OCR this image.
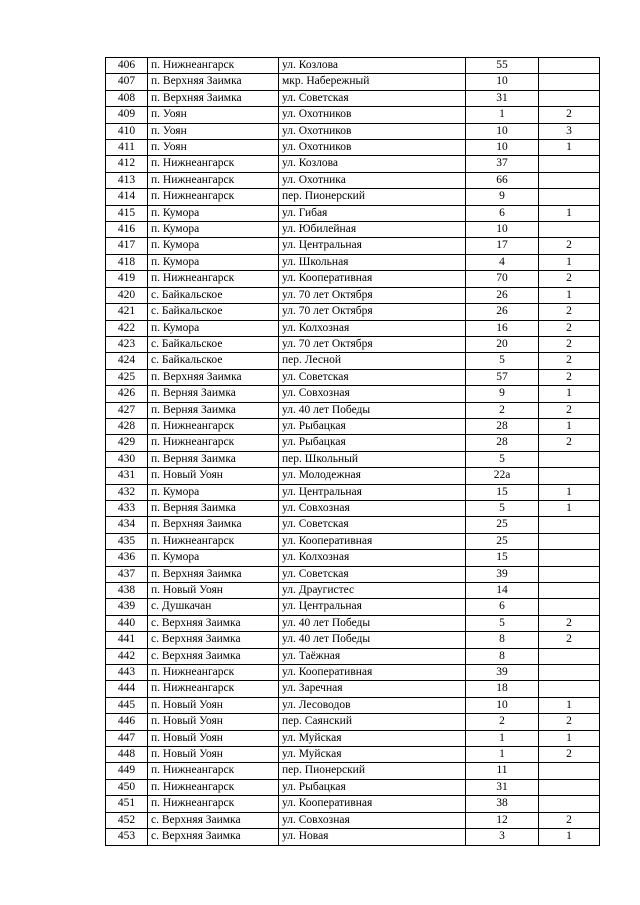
406	п. Нижнеангарск	ул. Козлова	55	
407	п. Верхняя Заимка	мкр. Набережный	10	
408	п. Верхняя Заимка	ул. Советская	31	
409	п. Уоян	ул. Охотников	1	2
410	п. Уоян	ул. Охотников	10	3
411	п. Уоян	ул. Охотников	10	1
412	п. Нижнеангарск	ул. Козлова	37	
413	п. Нижнеангарск	ул. Охотника	66	
414	п. Нижнеангарск	пер. Пионерский	9	
415	п. Кумора	ул. Гибая	6	1
416	п. Кумора	ул. Юбилейная	10	
417	п. Кумора	ул. Центральная	17	2
418	п. Кумора	ул. Школьная	4	1
419	п. Нижнеангарск	ул. Кооперативная	70	2
420	с. Байкальское	ул. 70 лет Октября	26	1
421	с. Байкальское	ул. 70 лет Октября	26	2
422	п. Кумора	ул. Колхозная	16	2
423	с. Байкальское	ул. 70 лет Октября	20	2
424	с. Байкальское	пер. Лесной	5	2
425	п. Верхняя Заимка	ул. Советская	57	2
426	п. Верняя Заимка	ул. Совхозная	9	1
427	п. Верняя Заимка	ул. 40 лет Победы	2	2
428	п. Нижнеангарск	ул. Рыбацкая	28	1
429	п. Нижнеангарск	ул. Рыбацкая	28	2
430	п. Верняя Заимка	пер. Школьный	5	
431	п. Новый Уоян	ул. Молодежная	22а	
432	п. Кумора	ул. Центральная	15	1
433	п. Верняя Заимка	ул. Совхозная	5	1
434	п. Верхняя Заимка	ул. Советская	25	
435	п. Нижнеангарск	ул. Кооперативная	25	
436	п. Кумора	ул. Колхозная	15	
437	п. Верхняя Заимка	ул. Советская	39	
438	п. Новый Уоян	ул. Драугистес	14	
439	с. Душкачан	ул. Центральная	6	
440	с. Верхняя Заимка	ул. 40 лет Победы	5	2
441	с. Верхняя Заимка	ул. 40 лет Победы	8	2
442	с. Верхняя Заимка	ул. Таёжная	8	
443	п. Нижнеангарск	ул. Кооперативная	39	
444	п. Нижнеангарск	ул. Заречная	18	
445	п. Новый Уоян	ул. Лесоводов	10	1
446	п. Новый Уоян	пер. Саянский	2	2
447	п. Новый Уоян	ул. Муйская	1	1
448	п. Новый Уоян	ул. Муйская	1	2
449	п. Нижнеангарск	пер. Пионерский	11	
450	п. Нижнеангарск	ул. Рыбацкая	31	
451	п. Нижнеангарск	ул. Кооперативная	38	
452	с. Верхняя Заимка	ул. Совхозная	12	2
453	с. Верхняя Заимка	ул. Новая	3	1
